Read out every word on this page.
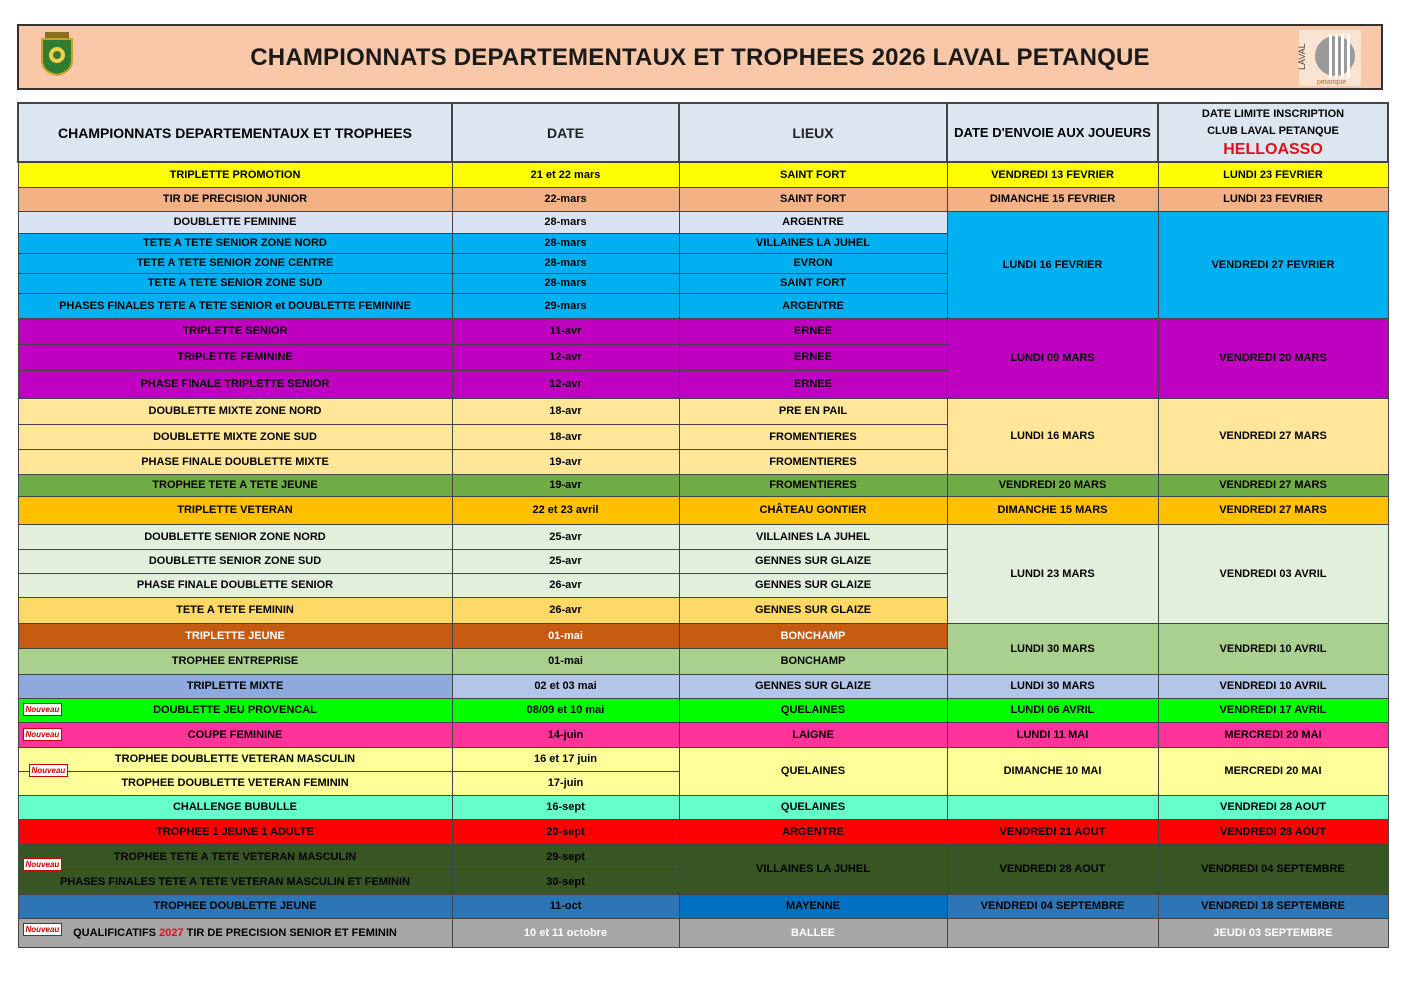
CHAMPIONNATS DEPARTEMENTAUX ET TROPHEES 2026 LAVAL PETANQUE	LAVAL
petanque
CHAMPIONNATS DEPARTEMENTAUX ET TROPHEES	DATE	LIEUX	DATE D'ENVOIE AUX JOUEURS	DATE LIMITE INSCRIPTION
CLUB LAVAL PETANQUE
HELLOASSO

TRIPLETTE PROMOTION	21 et 22 mars	SAINT FORT	VENDREDI 13 FEVRIER	LUNDI 23 FEVRIER
TIR DE PRECISION JUNIOR	22-mars	SAINT FORT	DIMANCHE 15 FEVRIER	LUNDI 23 FEVRIER
DOUBLETTE FEMININE	28-mars	ARGENTRE	LUNDI 16 FEVRIER	VENDREDI 27 FEVRIER
TETE A TETE SENIOR ZONE NORD	28-mars	VILLAINES LA JUHEL		
TETE A TETE SENIOR ZONE CENTRE	28-mars	EVRON		
TETE A TETE SENIOR ZONE SUD	28-mars	SAINT FORT		
PHASES FINALES TETE A TETE SENIOR et DOUBLETTE FEMININE	29-mars	ARGENTRE		
TRIPLETTE SENIOR	11-avr	ERNEE	LUNDI 09 MARS	VENDREDI 20 MARS
TRIPLETTE FEMININE	12-avr	ERNEE		
PHASE FINALE TRIPLETTE SENIOR	12-avr	ERNEE		
DOUBLETTE MIXTE ZONE NORD	18-avr	PRE EN PAIL	LUNDI 16 MARS	VENDREDI 27 MARS
DOUBLETTE MIXTE ZONE SUD	18-avr	FROMENTIERES		
PHASE FINALE DOUBLETTE MIXTE	19-avr	FROMENTIERES		
TROPHEE TETE A TETE JEUNE	19-avr	FROMENTIERES	VENDREDI 20 MARS	VENDREDI 27 MARS
TRIPLETTE VETERAN	22 et 23 avril	CHÂTEAU GONTIER	DIMANCHE 15 MARS	VENDREDI 27 MARS
DOUBLETTE SENIOR ZONE NORD	25-avr	VILLAINES LA JUHEL	LUNDI 23 MARS	VENDREDI 03 AVRIL
DOUBLETTE SENIOR ZONE SUD	25-avr	GENNES SUR GLAIZE		
PHASE FINALE DOUBLETTE SENIOR	26-avr	GENNES SUR GLAIZE		
TETE A TETE FEMININ	26-avr	GENNES SUR GLAIZE		
TRIPLETTE JEUNE	01-mai	BONCHAMP	LUNDI 30 MARS	VENDREDI 10 AVRIL
TROPHEE ENTREPRISE	01-mai	BONCHAMP		
TRIPLETTE MIXTE	02 et 03 mai	GENNES SUR GLAIZE	LUNDI 30 MARS	VENDREDI 10 AVRIL

Nouveau DOUBLETTE JEU PROVENCAL	08/09 et 10 mai	QUELAINES	LUNDI 06 AVRIL	VENDREDI 17 AVRIL

Nouveau COUPE FEMININE	14-juin	LAIGNE	LUNDI 11 MAI	MERCREDI 20 MAI

Nouveau
TROPHEE DOUBLETTE VETERAN MASCULIN	16 et 17 juin	QUELAINES	DIMANCHE 10 MAI	MERCREDI 20 MAI
TROPHEE DOUBLETTE VETERAN FEMININ	17-juin			
CHALLENGE BUBULLE	16-sept	QUELAINES		VENDREDI 28 AOUT
TROPHEE 1 JEUNE 1 ADULTE	20-sept	ARGENTRE	VENDREDI 21 AOUT	VENDREDI 28 AOUT

Nouveau
TROPHEE TETE A TETE VETERAN MASCULIN	29-sept	VILLAINES LA JUHEL	VENDREDI 28 AOUT	VENDREDI 04 SEPTEMBRE
PHASES FINALES TETE A TETE VETERAN MASCULIN ET FEMININ	30-sept			
TROPHEE DOUBLETTE JEUNE	11-oct	MAYENNE	VENDREDI 04 SEPTEMBRE	VENDREDI 18 SEPTEMBRE

Nouveau QUALIFICATIFS 2027 TIR DE PRECISION SENIOR ET FEMININ	10 et 11 octobre	BALLEE		JEUDI 03 SEPTEMBRE
